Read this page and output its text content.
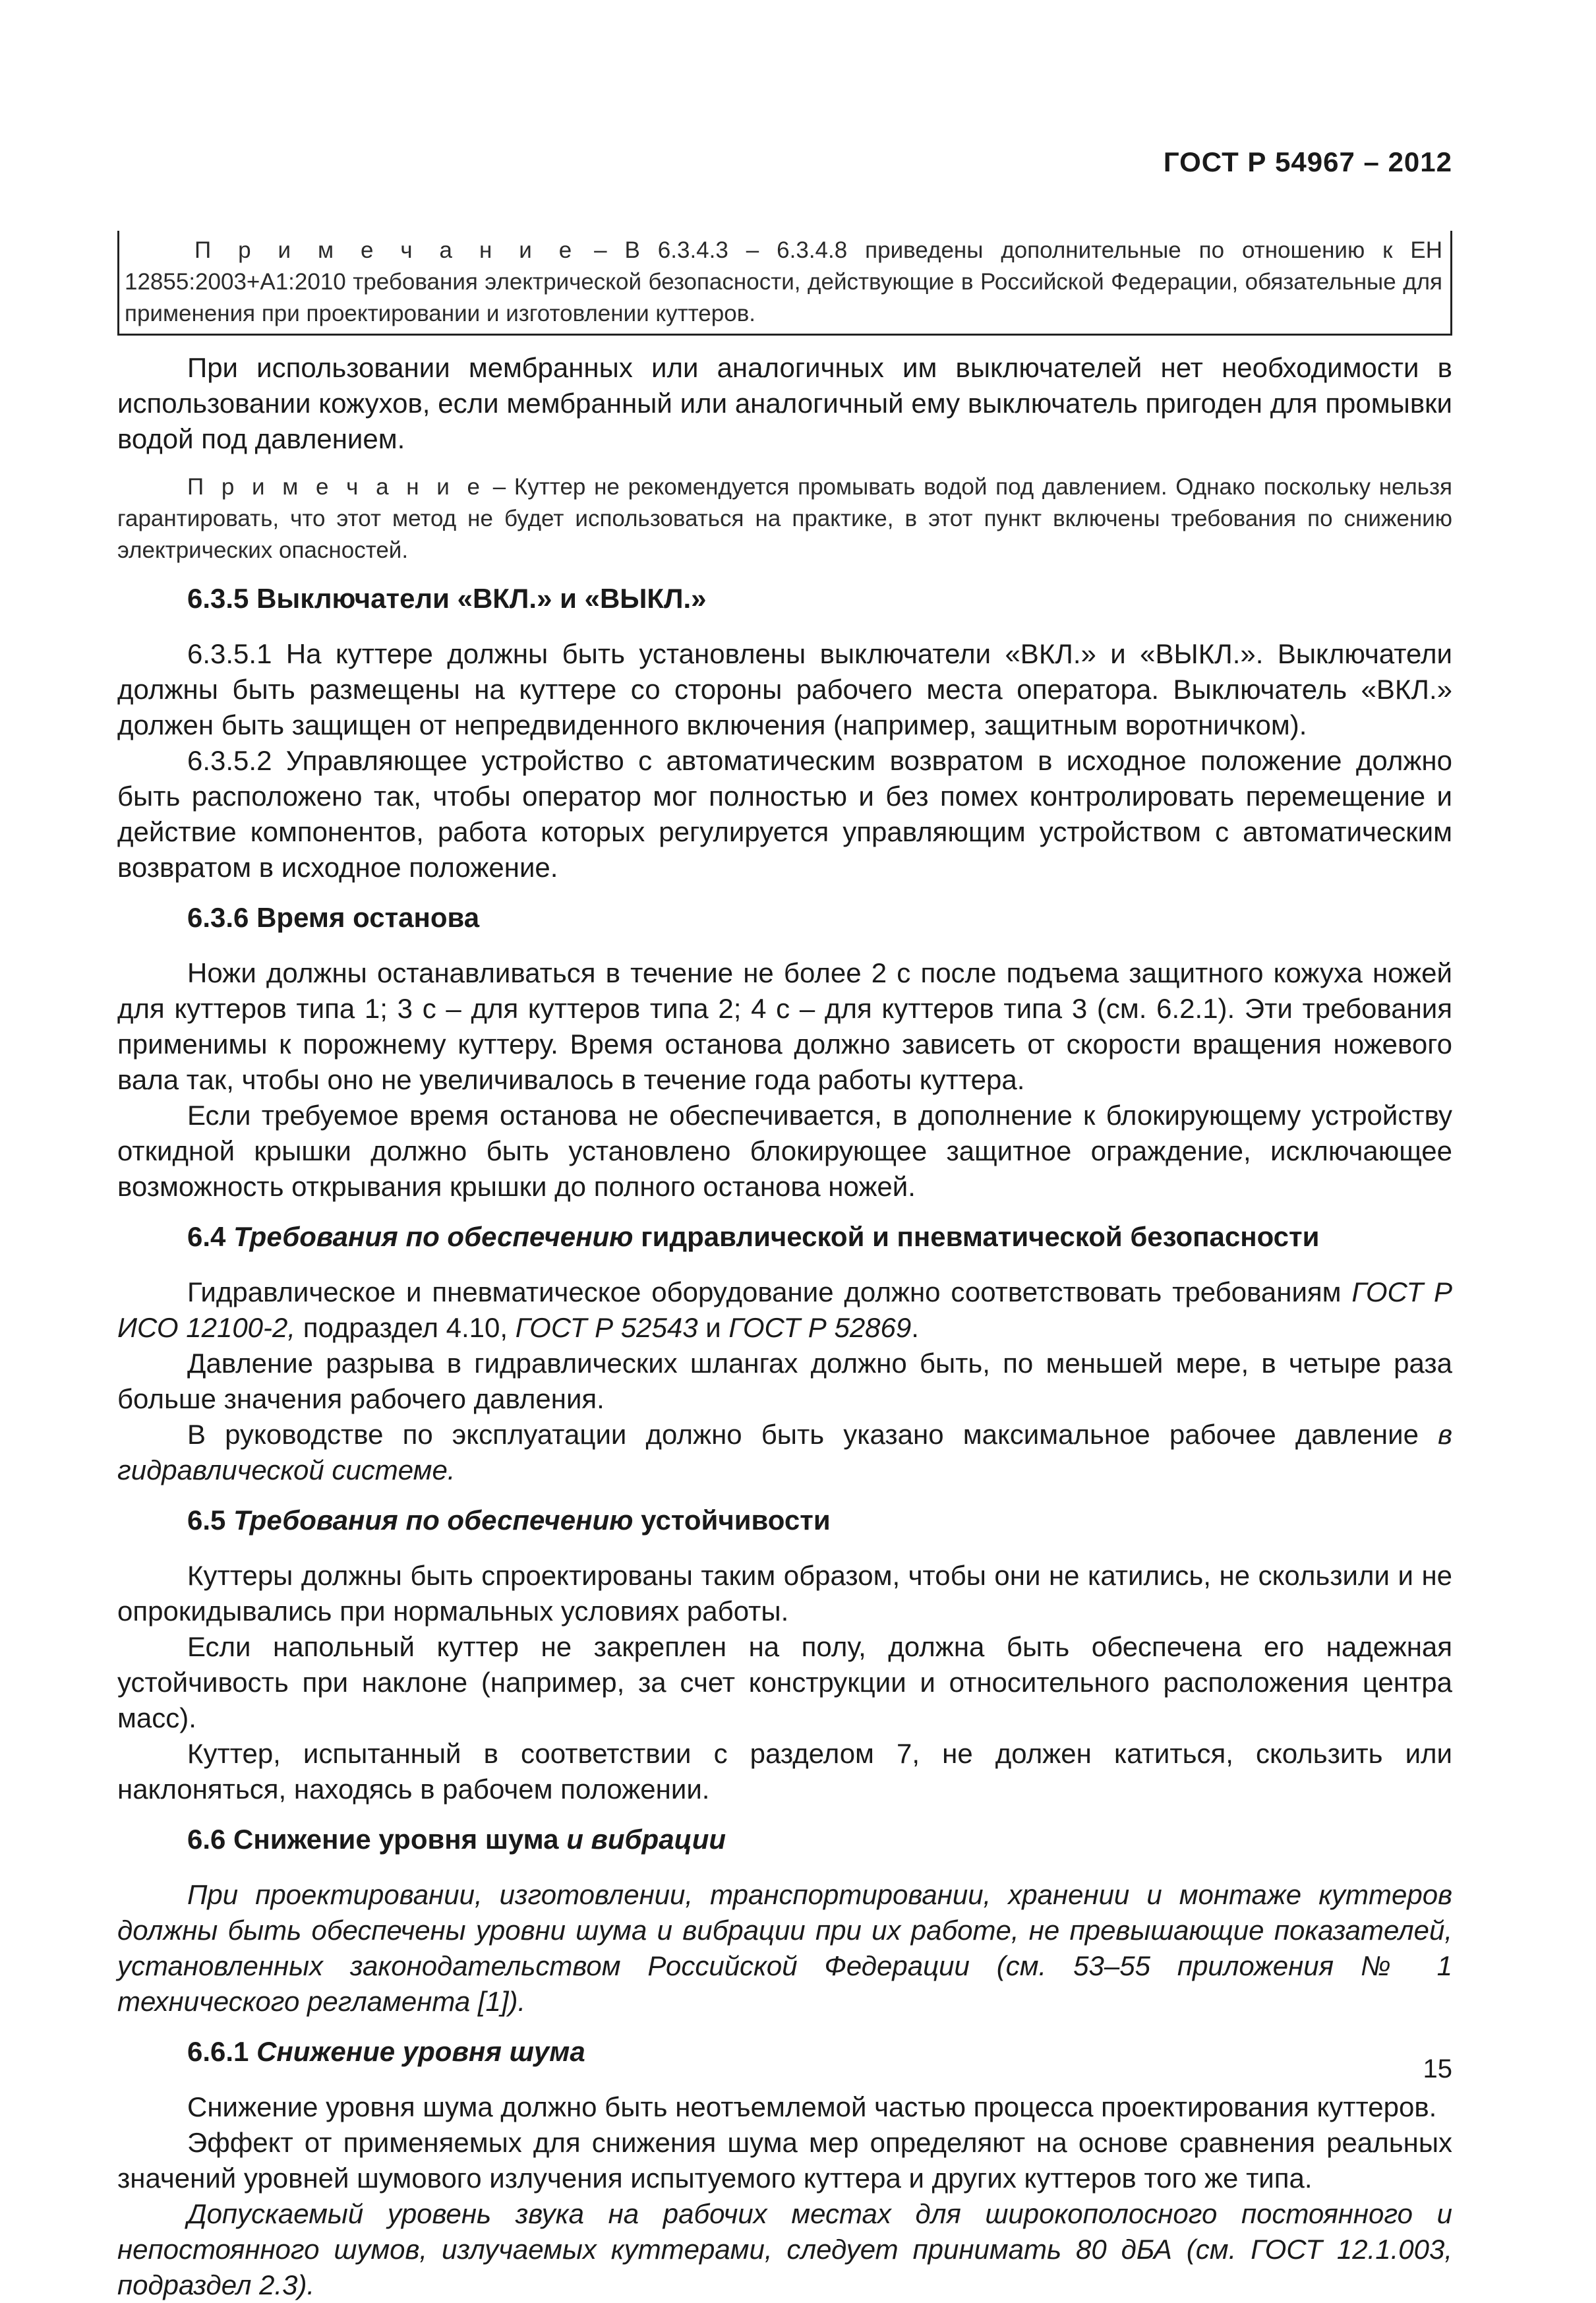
ГОСТ Р 54967 – 2012

П р и м е ч а н и е – В 6.3.4.3 – 6.3.4.8 приведены дополнительные по отношению к ЕН 12855:2003+А1:2010 требования электрической безопасности, действующие в Российской Федерации, обязательные для применения при проектировании и изготовлении куттеров.

При использовании мембранных или аналогичных им выключателей нет необходимости в использовании кожухов, если мембранный или аналогичный ему выключатель пригоден для промывки водой под давлением.

П р и м е ч а н и е – Куттер не рекомендуется промывать водой под давлением. Однако поскольку нельзя гарантировать, что этот метод не будет использоваться на практике, в этот пункт включены требования по снижению электрических опасностей.

6.3.5 Выключатели «ВКЛ.» и «ВЫКЛ.»

6.3.5.1 На куттере должны быть установлены выключатели «ВКЛ.» и «ВЫКЛ.». Выключатели должны быть размещены на куттере со стороны рабочего места оператора. Выключатель «ВКЛ.» должен быть защищен от непредвиденного включения (например, защитным воротничком).

6.3.5.2 Управляющее устройство с автоматическим возвратом в исходное положение должно быть расположено так, чтобы оператор мог полностью и без помех контролировать перемещение и действие компонентов, работа которых регулируется управляющим устройством с автоматическим возвратом в исходное положение.

6.3.6 Время останова

Ножи должны останавливаться в течение не более 2 с после подъема защитного кожуха ножей для куттеров типа 1; 3 с – для куттеров типа 2; 4 с – для куттеров типа 3 (см. 6.2.1). Эти требования применимы к порожнему куттеру. Время останова должно зависеть от скорости вращения ножевого вала так, чтобы оно не увеличивалось в течение года работы куттера.

Если требуемое время останова не обеспечивается, в дополнение к блокирующему устройству откидной крышки должно быть установлено блокирующее защитное ограждение, исключающее возможность открывания крышки до полного останова ножей.

6.4 Требования по обеспечению гидравлической и пневматической безопасности

Гидравлическое и пневматическое оборудование должно соответствовать требованиям ГОСТ Р ИСО 12100-2, подраздел 4.10, ГОСТ Р 52543 и ГОСТ Р 52869.

Давление разрыва в гидравлических шлангах должно быть, по меньшей мере, в четыре раза больше значения рабочего давления.

В руководстве по эксплуатации должно быть указано максимальное рабочее давление в гидравлической системе.

6.5 Требования по обеспечению устойчивости

Куттеры должны быть спроектированы таким образом, чтобы они не катились, не скользили и не опрокидывались при нормальных условиях работы.

Если напольный куттер не закреплен на полу, должна быть обеспечена его надежная устойчивость при наклоне (например, за счет конструкции и относительного расположения центра масс).

Куттер, испытанный в соответствии с разделом 7, не должен катиться, скользить или наклоняться, находясь в рабочем положении.

6.6 Снижение уровня шума и вибрации

При проектировании, изготовлении, транспортировании, хранении и монтаже куттеров должны быть обеспечены уровни шума и вибрации при их работе, не превышающие показателей, установленных законодательством Российской Федерации (см. 53–55 приложения № 1 технического регламента [1]).

6.6.1 Снижение уровня шума

Снижение уровня шума должно быть неотъемлемой частью процесса проектирования куттеров.

Эффект от применяемых для снижения шума мер определяют на основе сравнения реальных значений уровней шумового излучения испытуемого куттера и других куттеров того же типа.

Допускаемый уровень звука на рабочих местах для широкополосного постоянного и непостоянного шумов, излучаемых куттерами, следует принимать 80 дБА (см. ГОСТ 12.1.003, подраздел 2.3).

15
